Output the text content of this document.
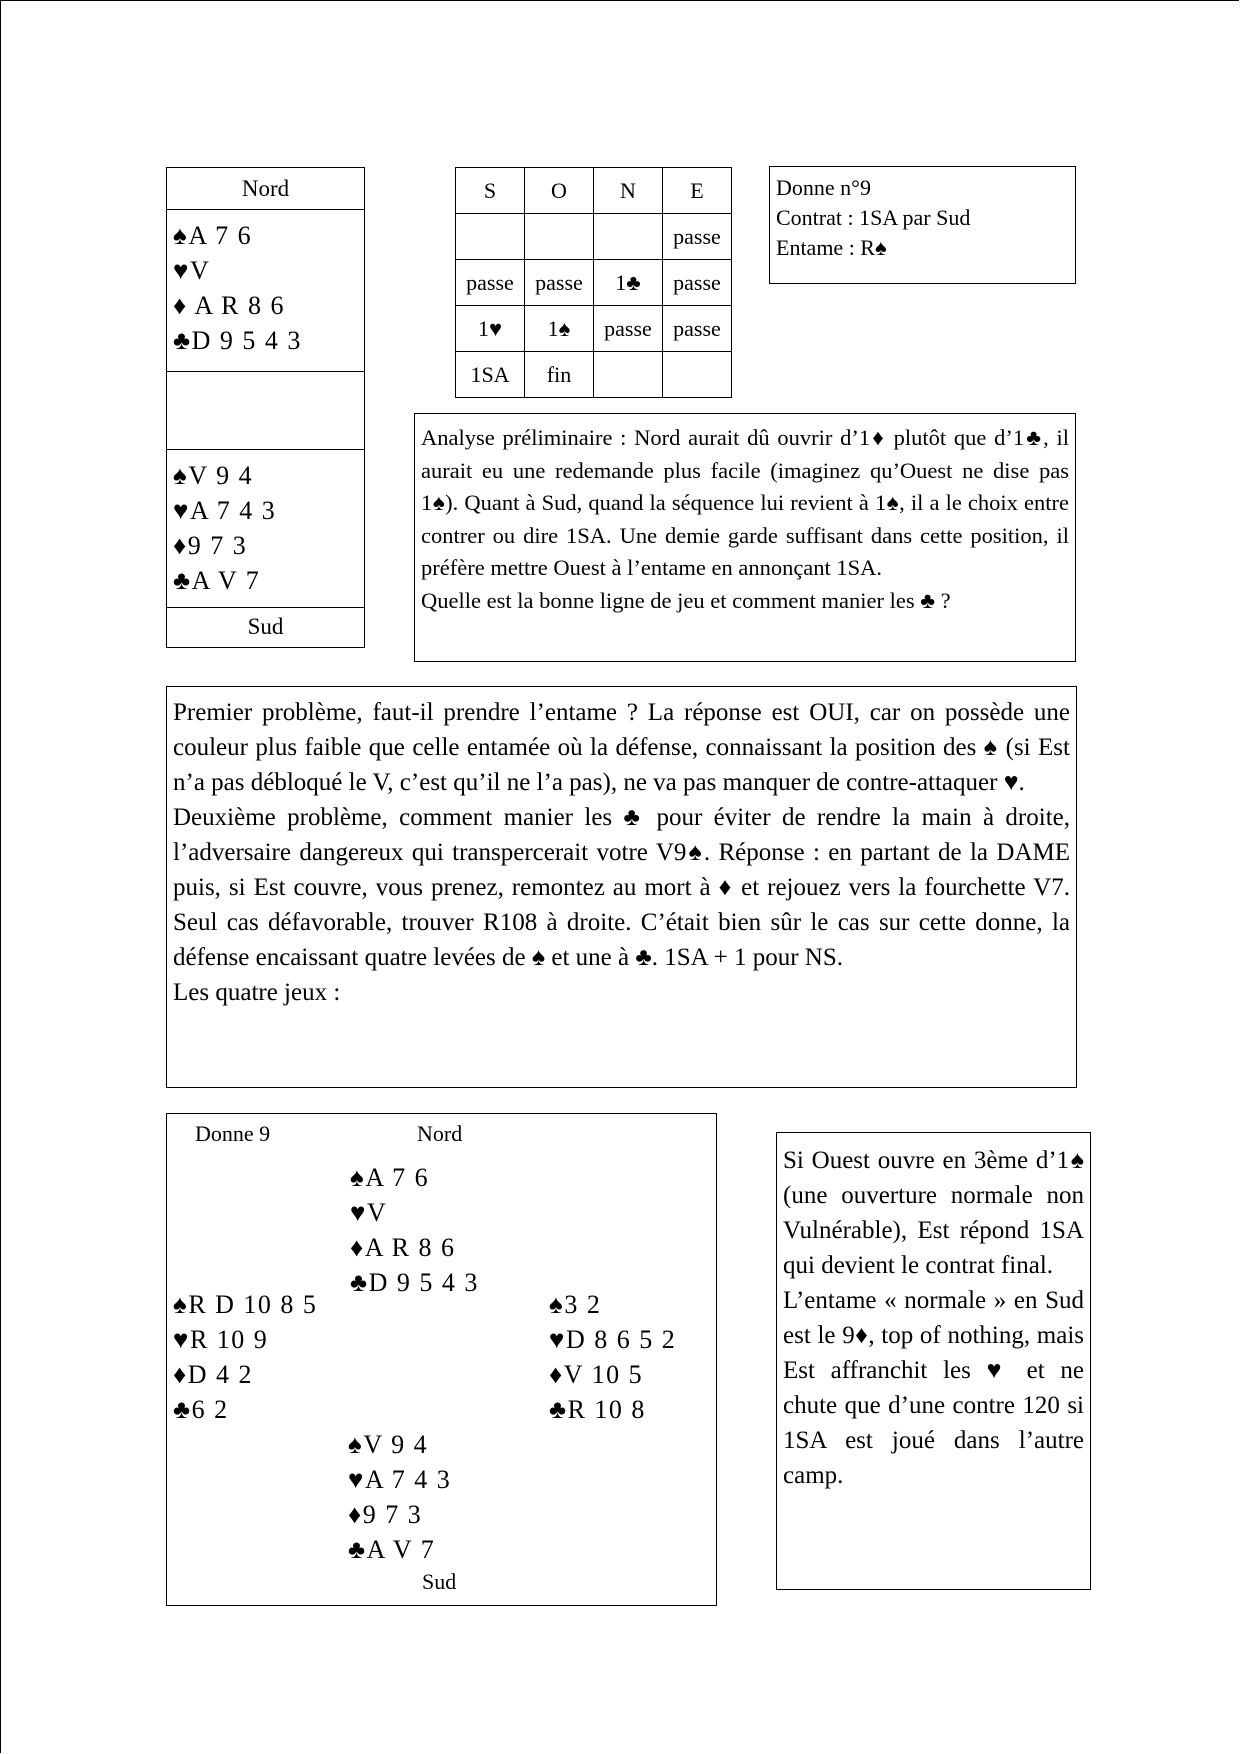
Nord
♠A 7 6
♥V
♦ A R 8 6
♣D 9 5 4 3
♠V 9 4
♥A 7 4 3
♦9 7 3
♣A V 7
Sud
S	O	N	E
			passe
passe	passe	1♣	passe
1♥	1♠	passe	passe
1SA	fin		
Donne n°9
Contrat : 1SA par Sud
Entame : R♠

Analyse préliminaire : Nord aurait dû ouvrir d’1♦ plutôt que d’1♣, il aurait eu une redemande plus facile (imaginez qu’Ouest ne dise pas 1♠). Quant à Sud, quand la séquence lui revient à 1♠, il a le choix entre contrer ou dire 1SA. Une demie garde suffisant dans cette position, il préfère mettre Ouest à l’entame en annonçant 1SA.

Quelle est la bonne ligne de jeu et comment manier les ♣ ?

Premier problème, faut-il prendre l’entame ? La réponse est OUI, car on possède une couleur plus faible que celle entamée où la défense, connaissant la position des ♠ (si Est n’a pas débloqué le V, c’est qu’il ne l’a pas), ne va pas manquer de contre-attaquer ♥.

Deuxième problème, comment manier les ♣ pour éviter de rendre la main à droite, l’adversaire dangereux qui transpercerait votre V9♠. Réponse : en partant de la DAME puis, si Est couvre, vous prenez, remontez au mort à ♦ et rejouez vers la fourchette V7. Seul cas défavorable, trouver R108 à droite. C’était bien sûr le cas sur cette donne, la défense encaissant quatre levées de ♠ et une à ♣. 1SA + 1 pour NS.

Les quatre jeux :

Donne 9	Nord
♠A 7 6
♥V
♦A R 8 6
♣D 9 5 4 3
♠R D 10 8 5
♥R 10 9
♦D 4 2
♣6 2
♠3 2
♥D 8 6 5 2
♦V 10 5
♣R 10 8
♠V 9 4
♥A 7 4 3
♦9 7 3
♣A V 7
Sud

Si Ouest ouvre en 3ème d’1♠ (une ouverture normale non Vulnérable), Est répond 1SA qui devient le contrat final.

L’entame « normale » en Sud est le 9♦, top of nothing, mais Est affranchit les ♥ et ne chute que d’une contre 120 si 1SA est joué dans l’autre camp.
